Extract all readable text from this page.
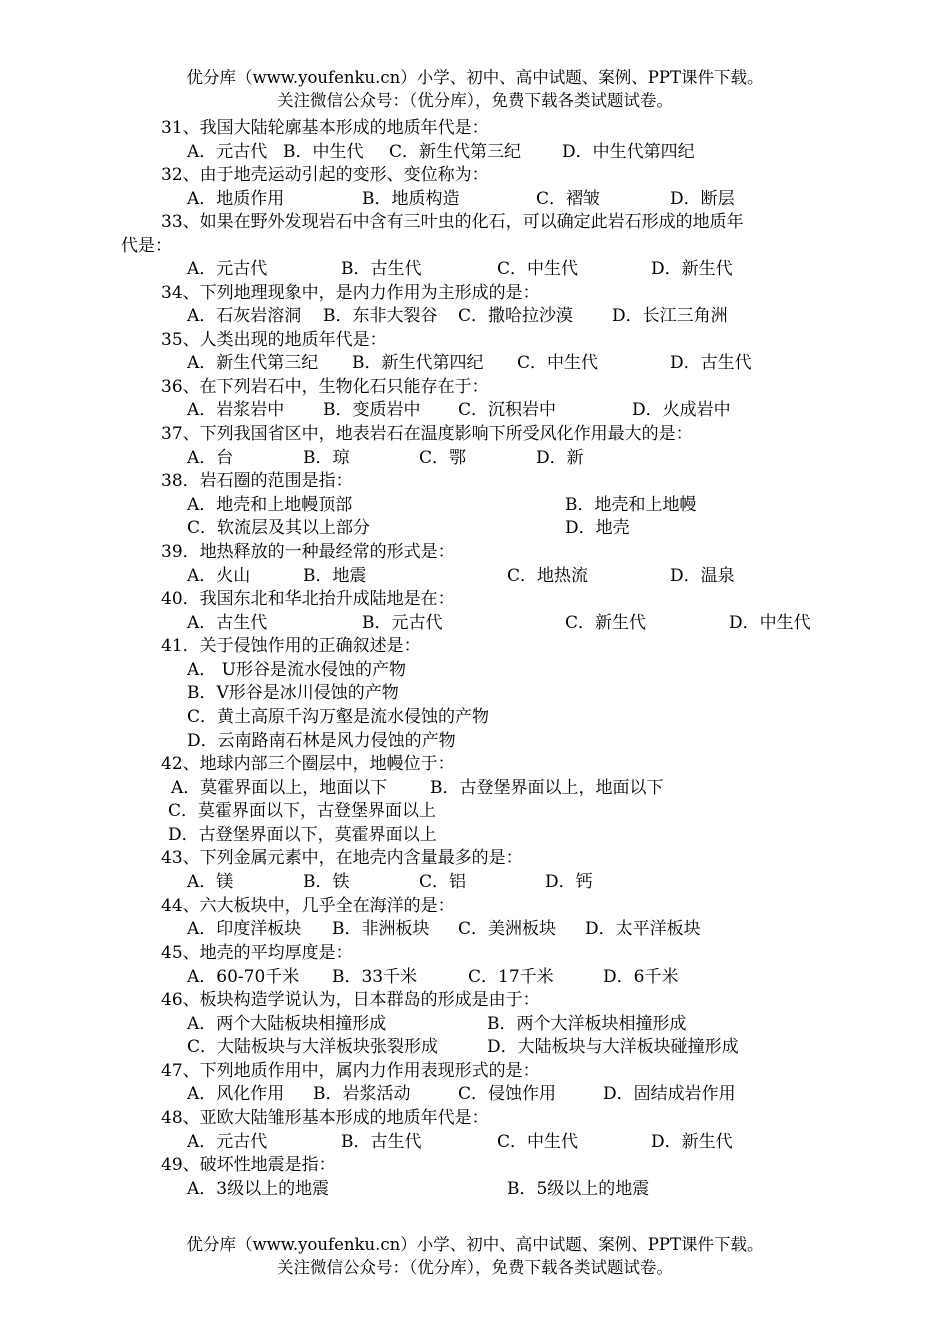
优分库（www.youfenku.cn）小学、初中、高中试题、案例、PPT课件下载。
关注微信公众号：（优分库），免费下载各类试题试卷。
31、我国大陆轮廓基本形成的地质年代是：
A．元古代 B．中生代 C．新生代第三纪 D．中生代第四纪
32、由于地壳运动引起的变形、变位称为：
A．地质作用	B．地质构造	C．褶皱	D．断层
33、如果在野外发现岩石中含有三叶虫的化石，可以确定此岩石形成的地质年
代是：
A．元古代	B．古生代	C．中生代	D．新生代
34、下列地理现象中，是内力作用为主形成的是：
A．石灰岩溶洞 B．东非大裂谷 C．撒哈拉沙漠 D．长江三角洲
35、人类出现的地质年代是：
A．新生代第三纪 B．新生代第四纪 C．中生代	D．古生代
36、在下列岩石中，生物化石只能存在于：
A．岩浆岩中 B．变质岩中 C．沉积岩中	D．火成岩中
37、下列我国省区中，地表岩石在温度影响下所受风化作用最大的是：
A．台	B．琼	C．鄂	D．新
38．岩石圈的范围是指：
A．地壳和上地幔顶部	B．地壳和上地幔
C．软流层及其以上部分	D．地壳
39．地热释放的一种最经常的形式是：
A．火山	B．地震	C．地热流	D．温泉
40．我国东北和华北抬升成陆地是在：
A．古生代	B．元古代	C．新生代	D．中生代
41．关于侵蚀作用的正确叙述是：
A． U形谷是流水侵蚀的产物
B．V形谷是冰川侵蚀的产物
C．黄土高原千沟万壑是流水侵蚀的产物
D．云南路南石林是风力侵蚀的产物
42、地球内部三个圈层中，地幔位于：
A．莫霍界面以上，地面以下	B．古登堡界面以上，地面以下
C．莫霍界面以下，古登堡界面以上
D．古登堡界面以下，莫霍界面以上
43、下列金属元素中，在地壳内含量最多的是：
A．镁	B．铁	C．铝	D．钙
44、六大板块中，几乎全在海洋的是：
A．印度洋板块 B．非洲板块 C．美洲板块 D．太平洋板块
45、地壳的平均厚度是：
A．60-70千米 B．33千米	C．17千米	D．6千米
46、板块构造学说认为，日本群岛的形成是由于：
A．两个大陆板块相撞形成	B．两个大洋板块相撞形成
C．大陆板块与大洋板块张裂形成	D．大陆板块与大洋板块碰撞形成
47、下列地质作用中，属内力作用表现形式的是：
A．风化作用 B．岩浆活动	C．侵蚀作用	D．固结成岩作用
48、亚欧大陆雏形基本形成的地质年代是：
A．元古代	B．古生代	C．中生代	D．新生代
49、破坏性地震是指：
A．3级以上的地震	B．5级以上的地震
优分库（www.youfenku.cn）小学、初中、高中试题、案例、PPT课件下载。
关注微信公众号：（优分库），免费下载各类试题试卷。
